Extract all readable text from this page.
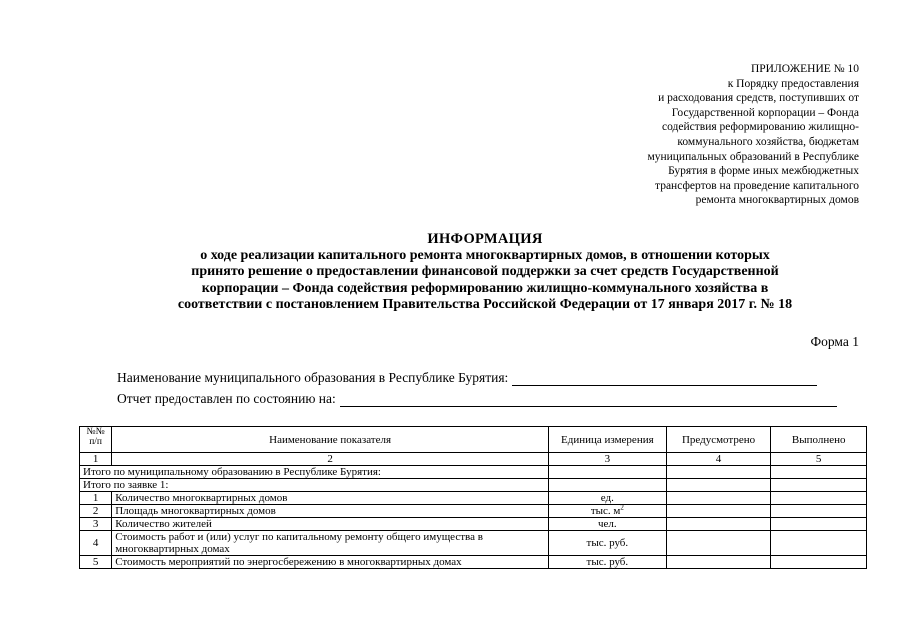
ПРИЛОЖЕНИЕ № 10
к Порядку предоставления
и расходования средств, поступивших от
Государственной корпорации – Фонда
содействия реформированию жилищно-
коммунального хозяйства, бюджетам
муниципальных образований в Республике
Бурятия в форме иных межбюджетных
трансфертов на проведение капитального
ремонта многоквартирных домов
ИНФОРМАЦИЯ
о ходе реализации капитального ремонта многоквартирных домов, в отношении которых
принято решение о предоставлении финансовой поддержки за счет средств Государственной
корпорации – Фонда содействия реформированию жилищно-коммунального хозяйства в
соответствии с постановлением Правительства Российской Федерации от 17 января 2017 г. № 18
Форма 1
Наименование муниципального образования в Республике Бурятия:
Отчет предоставлен по состоянию на:
№№ п/п	Наименование показателя	Единица измерения	Предусмотрено	Выполнено
1	2	3	4	5
Итого по муниципальному образованию в Республике Бурятия:				
Итого по заявке 1:				
1	Количество многоквартирных домов	ед.		
2	Площадь многоквартирных домов	тыс. $м^2$		
3	Количество жителей	чел.		
4	Стоимость работ и (или) услуг по капитальному ремонту общего имущества в многоквартирных домах	тыс. руб.		
5	Стоимость мероприятий по энергосбережению в многоквартирных домах	тыс. руб.		
